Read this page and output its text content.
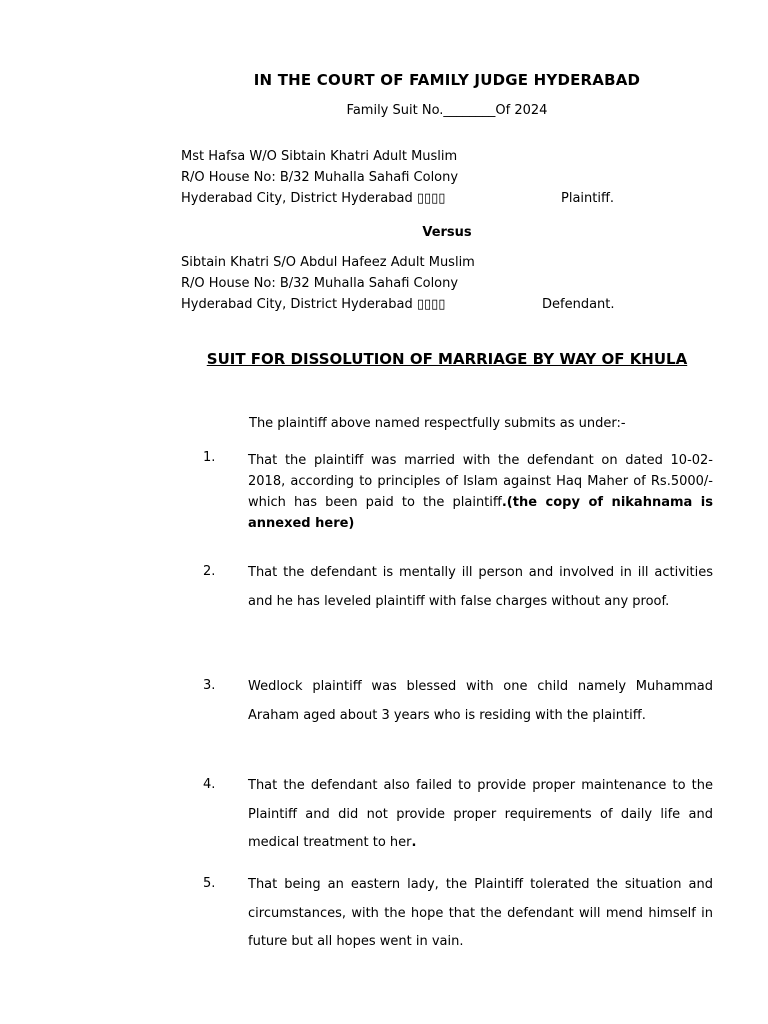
IN THE COURT OF FAMILY JUDGE HYDERABAD
Family Suit No.________Of 2024
Mst Hafsa W/O Sibtain Khatri Adult Muslim
R/O House No: B/32 Muhalla Sahafi Colony
Hyderabad City, District Hyderabad ▯▯▯▯	Plaintiff.
Versus
Sibtain Khatri S/O Abdul Hafeez Adult Muslim
R/O House No: B/32 Muhalla Sahafi Colony
Hyderabad City, District Hyderabad ▯▯▯▯	Defendant.
SUIT FOR DISSOLUTION OF MARRIAGE BY WAY OF KHULA
The plaintiff above named respectfully submits as under:-
1.	That the plaintiff was married with the defendant on dated 10-02-2018, according to principles of Islam against Haq Maher of Rs.5000/- which has been paid to the plaintiff.(the copy of nikahnama is annexed here)
2.	That the defendant is mentally ill person and involved in ill activities and he has leveled plaintiff with false charges without any proof.
3.	Wedlock plaintiff was blessed with one child namely Muhammad Araham aged about 3 years who is residing with the plaintiff.
4.	That the defendant also failed to provide proper maintenance to the Plaintiff and did not provide proper requirements of daily life and medical treatment to her.
5.	That being an eastern lady, the Plaintiff tolerated the situation and circumstances, with the hope that the defendant will mend himself in future but all hopes went in vain.
